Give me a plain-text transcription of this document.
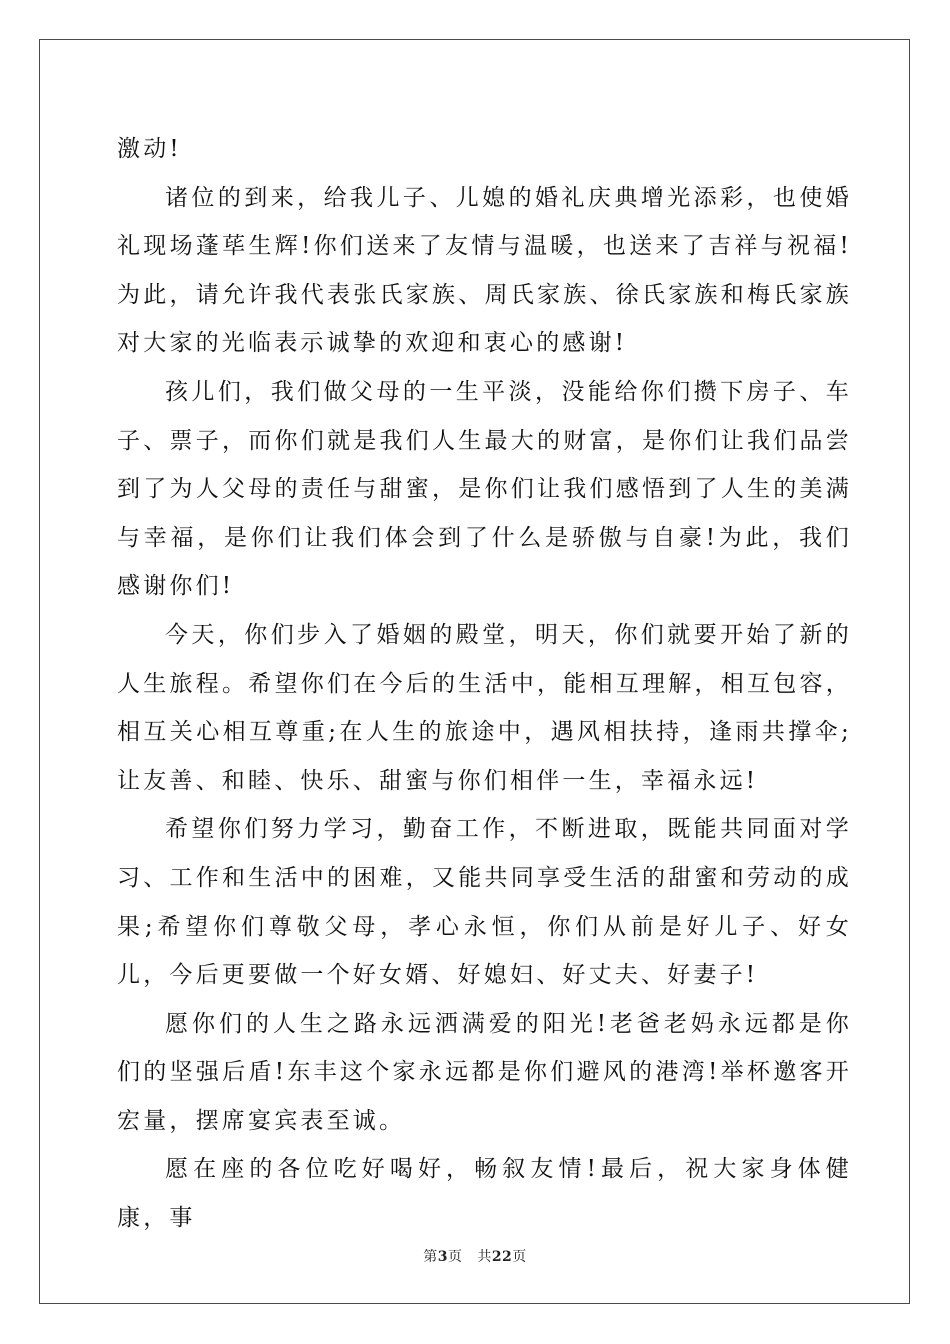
激动!

诸位的到来，给我儿子、儿媳的婚礼庆典增光添彩，也使婚礼现场蓬荜生辉!你们送来了友情与温暖，也送来了吉祥与祝福!为此，请允许我代表张氏家族、周氏家族、徐氏家族和梅氏家族对大家的光临表示诚挚的欢迎和衷心的感谢!

孩儿们，我们做父母的一生平淡，没能给你们攒下房子、车子、票子，而你们就是我们人生最大的财富，是你们让我们品尝到了为人父母的责任与甜蜜，是你们让我们感悟到了人生的美满与幸福，是你们让我们体会到了什么是骄傲与自豪!为此，我们感谢你们!

今天，你们步入了婚姻的殿堂，明天，你们就要开始了新的人生旅程。希望你们在今后的生活中，能相互理解，相互包容，相互关心相互尊重;在人生的旅途中，遇风相扶持，逢雨共撑伞;让友善、和睦、快乐、甜蜜与你们相伴一生，幸福永远!

希望你们努力学习，勤奋工作，不断进取，既能共同面对学习、工作和生活中的困难，又能共同享受生活的甜蜜和劳动的成果;希望你们尊敬父母，孝心永恒，你们从前是好儿子、好女儿，今后更要做一个好女婿、好媳妇、好丈夫、好妻子!

愿你们的人生之路永远洒满爱的阳光!老爸老妈永远都是你们的坚强后盾!东丰这个家永远都是你们避风的港湾!举杯邀客开宏量，摆席宴宾表至诚。

愿在座的各位吃好喝好，畅叙友情!最后，祝大家身体健康，事

第3页 共22页
